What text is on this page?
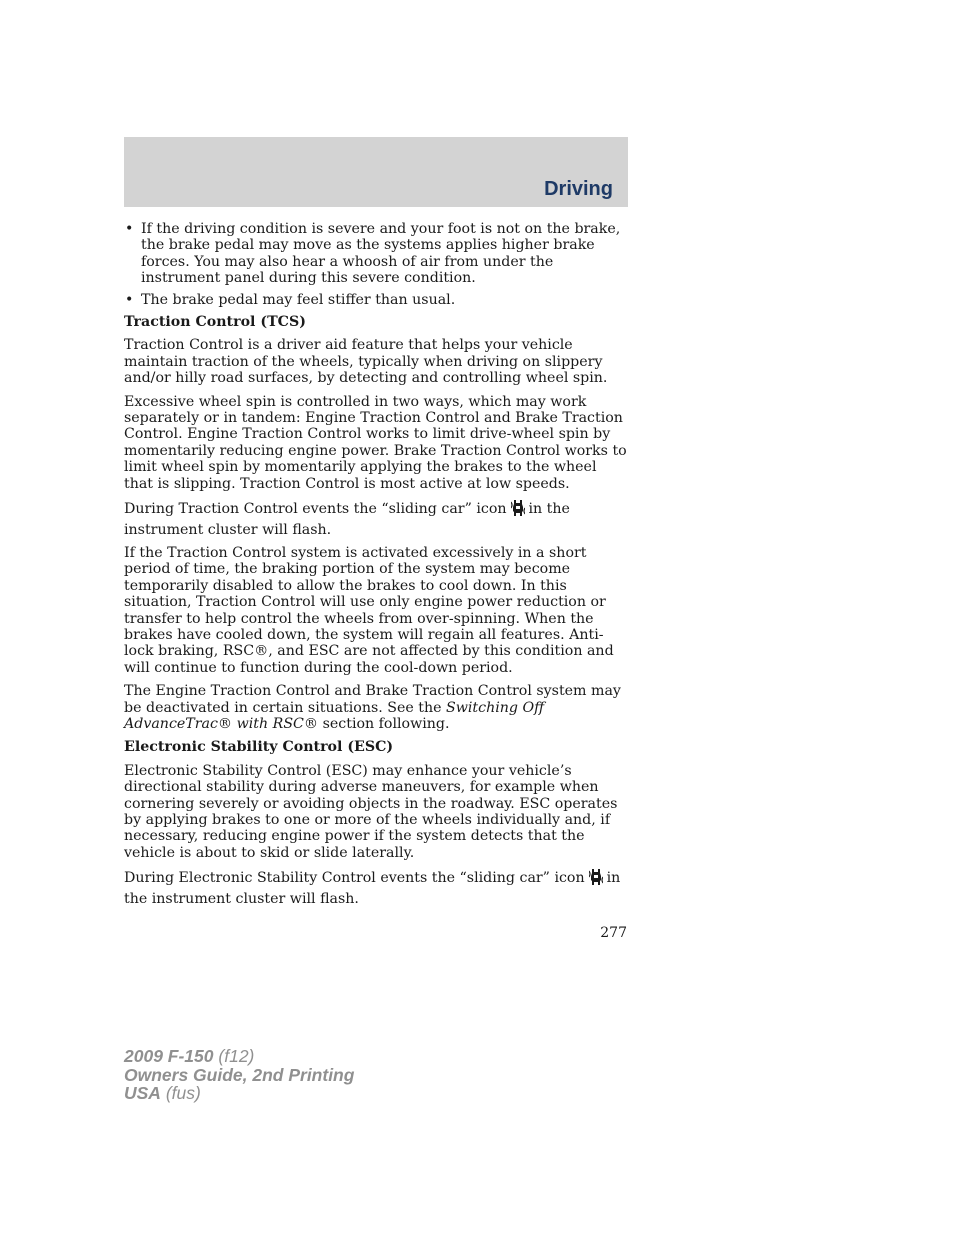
Driving
• If the driving condition is severe and your foot is not on the brake, the brake pedal may move as the systems applies higher brake forces. You may also hear a whoosh of air from under the instrument panel during this severe condition.
• The brake pedal may feel stiffer than usual.

Traction Control (TCS)

Traction Control is a driver aid feature that helps your vehicle maintain traction of the wheels, typically when driving on slippery and/or hilly road surfaces, by detecting and controlling wheel spin.

Excessive wheel spin is controlled in two ways, which may work separately or in tandem: Engine Traction Control and Brake Traction Control. Engine Traction Control works to limit drive-wheel spin by momentarily reducing engine power. Brake Traction Control works to limit wheel spin by momentarily applying the brakes to the wheel that is slipping. Traction Control is most active at low speeds.

During Traction Control events the “sliding car” icon in the instrument cluster will flash.

If the Traction Control system is activated excessively in a short period of time, the braking portion of the system may become temporarily disabled to allow the brakes to cool down. In this situation, Traction Control will use only engine power reduction or transfer to help control the wheels from over-spinning. When the brakes have cooled down, the system will regain all features. Anti-lock braking, RSC®, and ESC are not affected by this condition and will continue to function during the cool-down period.

The Engine Traction Control and Brake Traction Control system may be deactivated in certain situations. See the Switching Off AdvanceTrac® with RSC® section following.

Electronic Stability Control (ESC)

Electronic Stability Control (ESC) may enhance your vehicle’s directional stability during adverse maneuvers, for example when cornering severely or avoiding objects in the roadway. ESC operates by applying brakes to one or more of the wheels individually and, if necessary, reducing engine power if the system detects that the vehicle is about to skid or slide laterally.

During Electronic Stability Control events the “sliding car” icon in the instrument cluster will flash.

277
2009 F-150 (f12)
Owners Guide, 2nd Printing
USA (fus)
